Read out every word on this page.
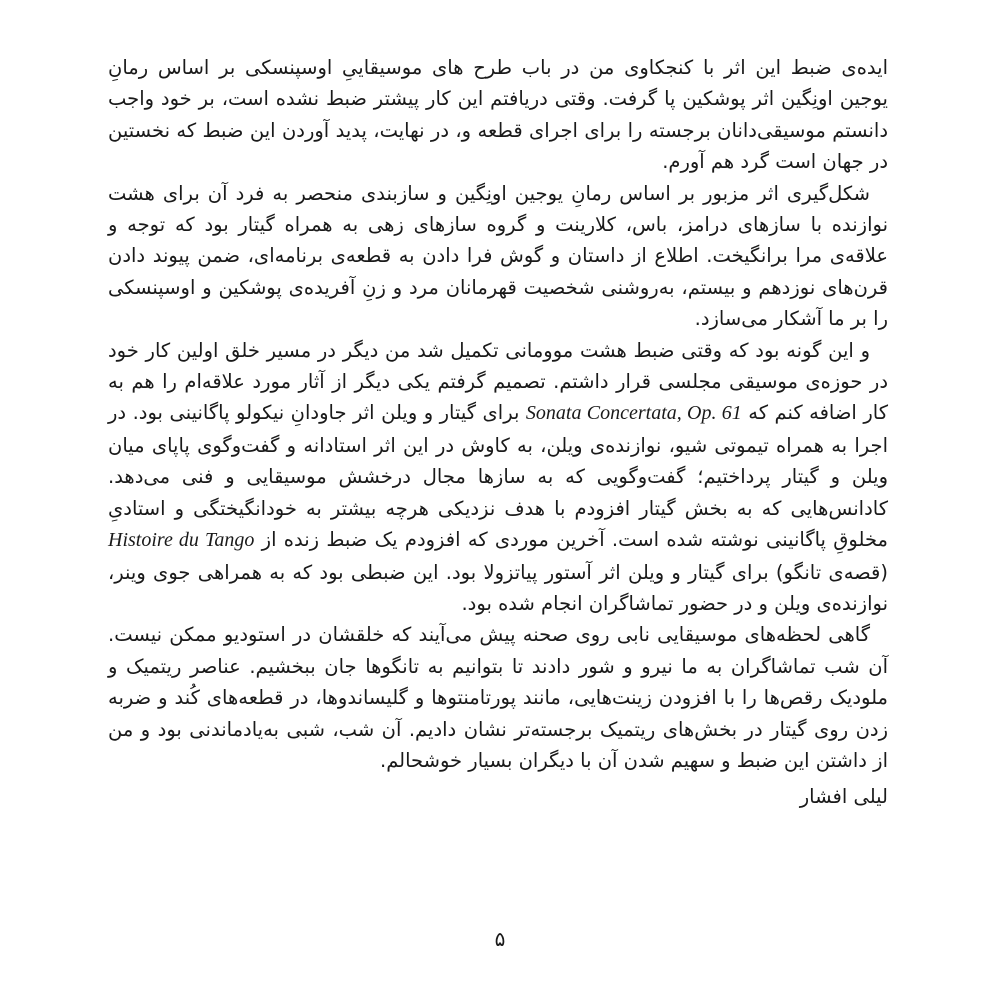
ایده‌ی ضبط این اثر با کنجکاوی من در باب طرح های موسیقاییِ اوسپنسکی بر اساس رمانِ یوجین اونِگین اثر پوشکین پا گرفت. وقتی دریافتم این کار پیشتر ضبط نشده است، بر خود واجب دانستم موسیقی‌دانان برجسته را برای اجرای قطعه و، در نهایت، پدید آوردن این ضبط که نخستین در جهان است گرد هم آورم.

شکل‌گیری اثر مزبور بر اساس رمانِ یوجین اونِگین و سازبندی منحصر به فرد آن برای هشت نوازنده با سازهای درامز، باس، کلارینت و گروه سازهای زهی به همراه گیتار بود که توجه و علاقه‌ی مرا برانگیخت. اطلاع از داستان و گوش فرا دادن به قطعه‌ی برنامه‌ای، ضمن پیوند دادن قرن‌های نوزدهم و بیستم، به‌روشنی شخصیت قهرمانان مرد و زنِ آفریده‌ی پوشکین و اوسپنسکی را بر ما آشکار می‌سازد.

و این گونه بود که وقتی ضبط هشت موومانی تکمیل شد من دیگر در مسیر خلق اولین کار خود در حوزه‌ی موسیقی مجلسی قرار داشتم. تصمیم گرفتم یکی دیگر از آثار مورد علاقه‌ام را هم به کار اضافه کنم که Sonata Concertata, Op. 61 برای گیتار و ویلن اثر جاودانِ نیکولو پاگانینی بود. در اجرا به همراه تیموتی شیو، نوازنده‌ی ویلن، به کاوش در این اثر استادانه و گفت‌وگوی پاپای میان ویلن و گیتار پرداختیم؛ گفت‌وگویی که به سازها مجال درخشش موسیقایی و فنی می‌دهد. کادانس‌هایی که به بخش گیتار افزودم با هدف نزدیکی هرچه بیشتر به خودانگیختگی و استادیِ مخلوقِ پاگانینی نوشته شده است. آخرین موردی که افزودم یک ضبط زنده از Histoire du Tango (قصه‌ی تانگو) برای گیتار و ویلن اثر آستور پیاتزولا بود. این ضبطی بود که به همراهی جوی وینر، نوازنده‌ی ویلن و در حضور تماشاگران انجام شده بود.

گاهی لحظه‌های موسیقایی نابی روی صحنه پیش می‌آیند که خلقشان در استودیو ممکن نیست. آن شب تماشاگران به ما نیرو و شور دادند تا بتوانیم به تانگوها جان ببخشیم. عناصر ریتمیک و ملودیک رقص‌ها را با افزودن زینت‌هایی، مانند پورتامنتوها و گلیساندوها، در قطعه‌های کُند و ضربه زدن روی گیتار در بخش‌های ریتمیک برجسته‌تر نشان دادیم. آن شب، شبی به‌یادماندنی بود و من از داشتن این ضبط و سهیم شدن آن با دیگران بسیار خوشحالم.

لیلی افشار

۵
